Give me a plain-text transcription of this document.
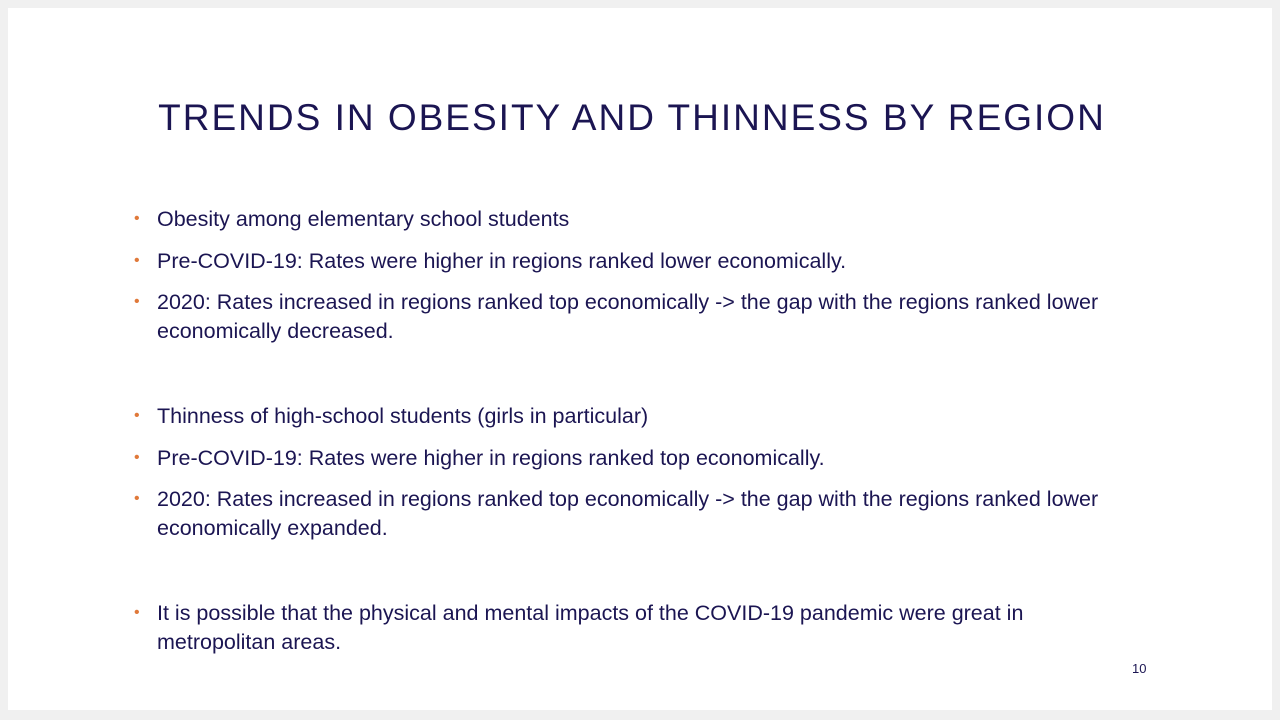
TRENDS IN OBESITY AND THINNESS BY REGION
• Obesity among elementary school students
• Pre-COVID-19: Rates were higher in regions ranked lower economically.
• 2020: Rates increased in regions ranked top economically -> the gap with the regions ranked lower economically decreased.
• Thinness of high-school students (girls in particular)
• Pre-COVID-19: Rates were higher in regions ranked top economically.
• 2020: Rates increased in regions ranked top economically -> the gap with the regions ranked lower economically expanded.
• It is possible that the physical and mental impacts of the COVID-19 pandemic were great in metropolitan areas.
10
